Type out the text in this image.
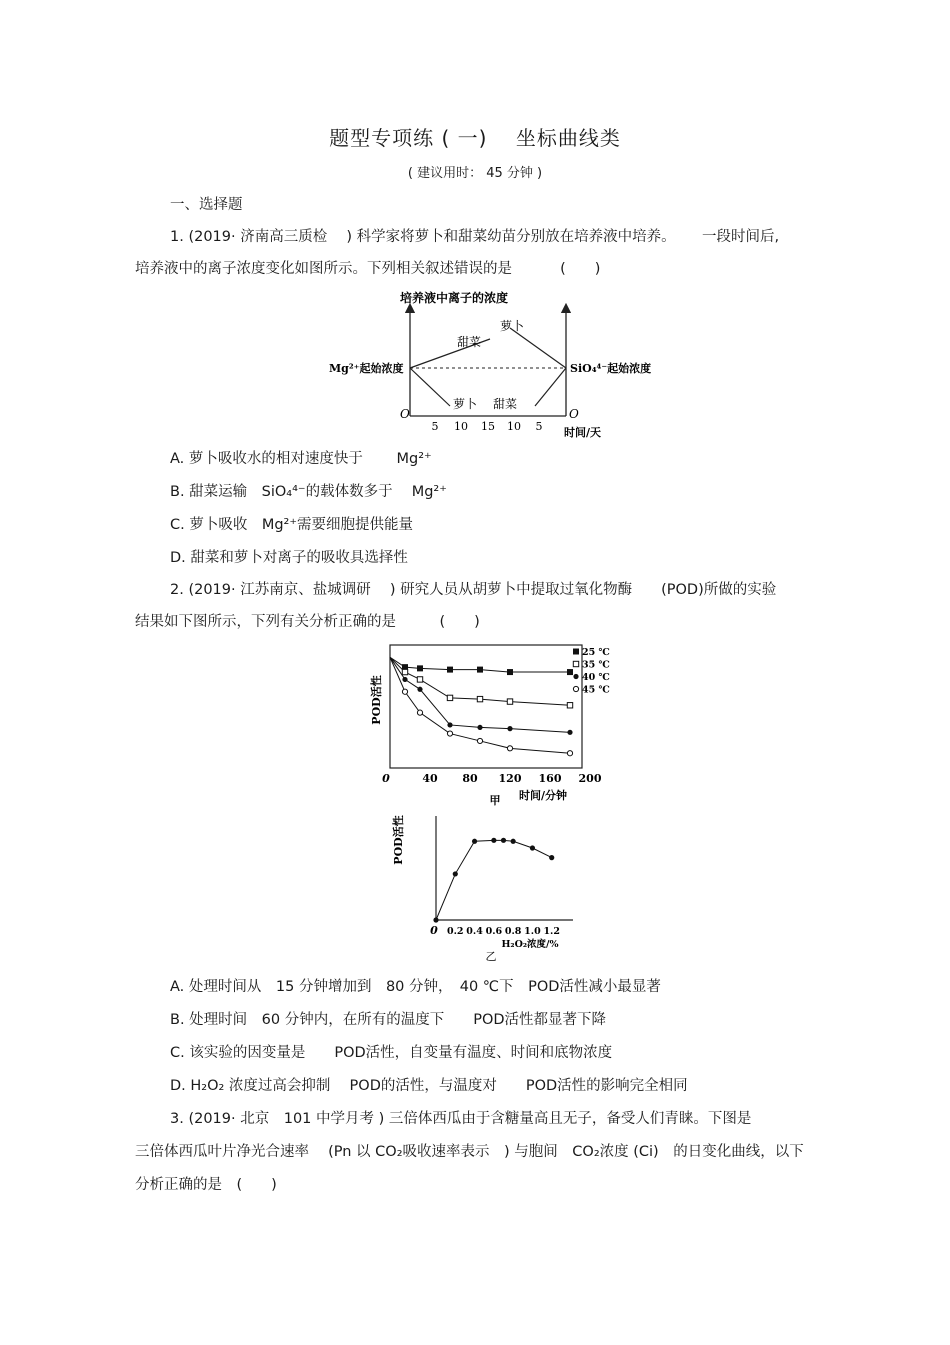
题型专项练 ( 一)　 坐标曲线类
( 建议用时： 45 分钟 )
一、选择题
1. (2019· 济南高三质检　 ) 科学家将萝卜和甜菜幼苗分别放在培养液中培养。　　 一段时间后,
培养液中的离子浓度变化如图所示。下列相关叙述错误的是　　　 (　　)
培养液中离子的浓度
甜菜
萝卜
萝卜 甜菜
Mg²⁺起始浓度	SiO₄⁴⁻起始浓度
O	O
5 10 15 10 5 时间/天
A. 萝卜吸收水的相对速度快于　　 Mg²⁺
B. 甜菜运输　SiO₄⁴⁻的载体数多于　 Mg²⁺
C. 萝卜吸收　Mg²⁺需要细胞提供能量
D. 甜菜和萝卜对离子的吸收具选择性
2. (2019· 江苏南京、盐城调研　 ) 研究人员从胡萝卜中提取过氧化物酶　　(POD)所做的实验
结果如下图所示，下列有关分析正确的是　　　(　　)
POD活性
0	40 80 120 160 200
时间/分钟
甲
25 ℃
35 ℃
40 ℃
45 ℃
POD活性
0 0.2 0.4 0.6 0.8 1.0 1.2
H₂O₂浓度/%
乙
A. 处理时间从　15 分钟增加到　80 分钟，　40 ℃下　POD活性减小最显著
B. 处理时间　60 分钟内，在所有的温度下　　POD活性都显著下降
C. 该实验的因变量是　　POD活性，自变量有温度、时间和底物浓度
D. H₂O₂ 浓度过高会抑制　 POD的活性，与温度对　　POD活性的影响完全相同
3. (2019· 北京　101 中学月考 ) 三倍体西瓜由于含糖量高且无子，备受人们青睐。下图是
三倍体西瓜叶片净光合速率　 (Pn 以 CO₂吸收速率表示　) 与胞间　CO₂浓度 (Ci)　的日变化曲线，以下
分析正确的是　(　　)
